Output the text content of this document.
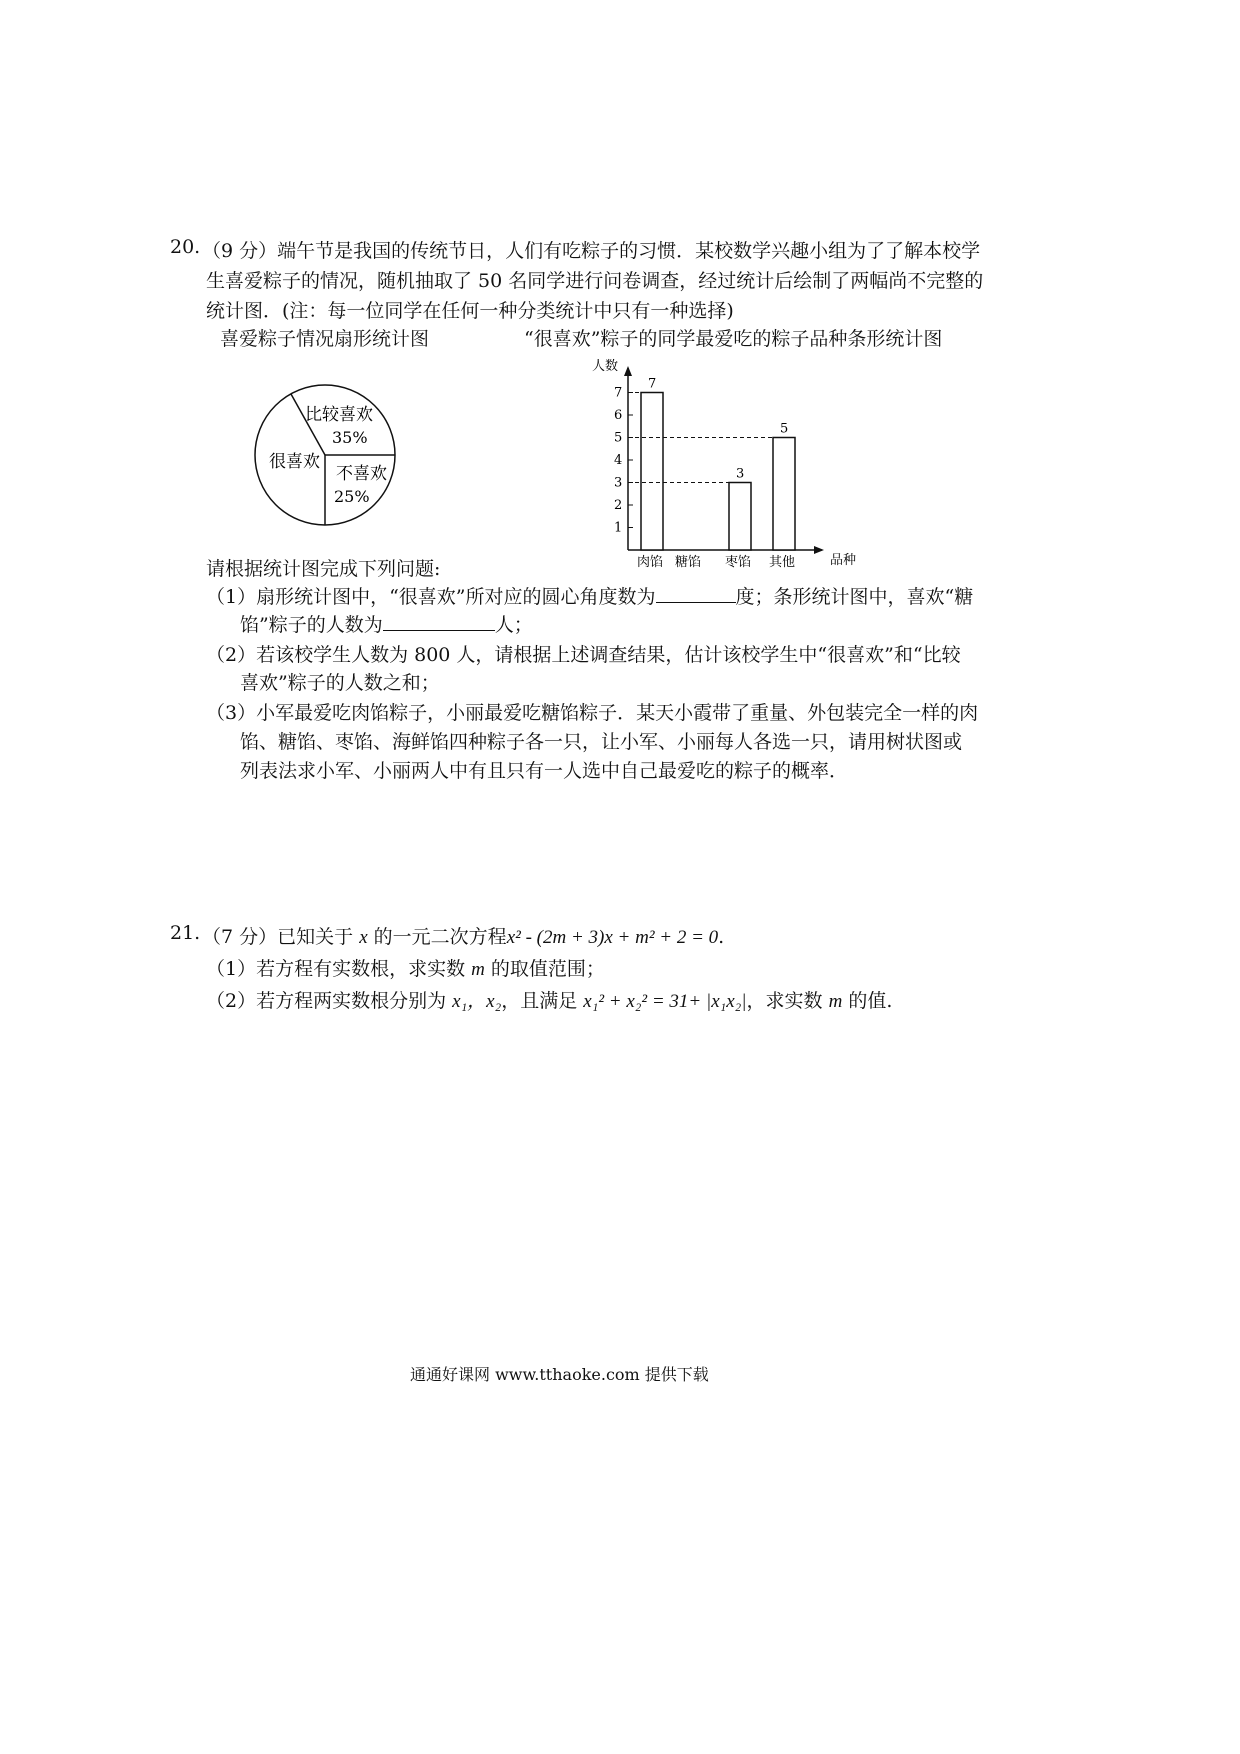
20. （9 分）端午节是我国的传统节日，人们有吃粽子的习惯．某校数学兴趣小组为了了解本校学
生喜爱粽子的情况，随机抽取了 50 名同学进行问卷调查，经过统计后绘制了两幅尚不完整的
统计图．(注：每一位同学在任何一种分类统计中只有一种选择)
喜爱粽子情况扇形统计图	“很喜欢”粽子的同学最爱吃的粽子品种条形统计图
比较喜欢
35%
不喜欢
25%
很喜欢
人数
品种
1
2
3
4
5
6
7
肉馅
7
糖馅 枣馅
3
其他
5
请根据统计图完成下列问题:
（1）扇形统计图中，“很喜欢”所对应的圆心角度数为	度；条形统计图中，喜欢“糖
馅”粽子的人数为	人；
（2）若该校学生人数为 800 人，请根据上述调查结果，估计该校学生中“很喜欢”和“比较
喜欢”粽子的人数之和；
（3）小军最爱吃肉馅粽子，小丽最爱吃糖馅粽子．某天小霞带了重量、外包装完全一样的肉
馅、糖馅、枣馅、海鲜馅四种粽子各一只，让小军、小丽每人各选一只，请用树状图或
列表法求小军、小丽两人中有且只有一人选中自己最爱吃的粽子的概率．
21. （7 分）已知关于 x 的一元二次方程x² - (2m + 3)x + m² + 2 = 0.
（1）若方程有实数根，求实数 m 的取值范围；
（2）若方程两实数根分别为 x₁，x₂，且满足 x₁² + x₂² = 31+ |x₁x₂|，求实数 m 的值.
通通好课网 www.tthaoke.com 提供下载
